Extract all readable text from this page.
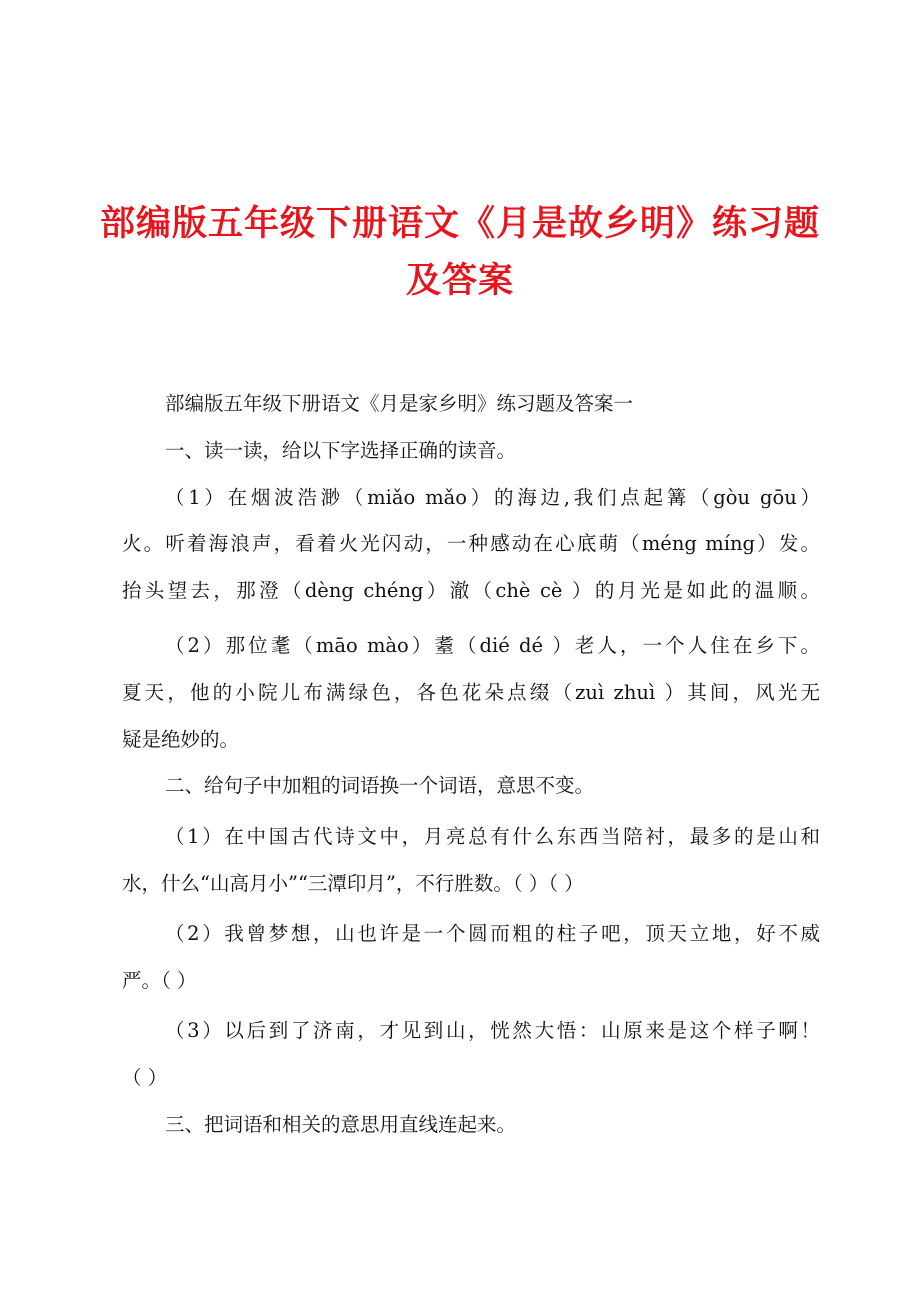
部编版五年级下册语文《月是故乡明》练习题
及答案
部编版五年级下册语文《月是家乡明》练习题及答案一
一、读一读，给以下字选择正确的读音。
（1）在烟波浩渺（miǎo mǎo）的海边,我们点起篝（gòu gōu）
火。听着海浪声，看着火光闪动，一种感动在心底萌（méng míng）发。
抬头望去，那澄（dèng chéng）澈（chè cè ）的月光是如此的温顺。
（2）那位耄（māo mào）耋（dié dé ）老人，一个人住在乡下。
夏天，他的小院儿布满绿色，各色花朵点缀（zuì zhuì ）其间，风光无
疑是绝妙的。
二、给句子中加粗的词语换一个词语，意思不变。
（1）在中国古代诗文中，月亮总有什么东西当陪衬，最多的是山和
水，什么“山高月小”“三潭印月”，不行胜数。（ ）（ ）
（2）我曾梦想，山也许是一个圆而粗的柱子吧，顶天立地，好不威
严。（ ）
（3）以后到了济南，才见到山，恍然大悟：山原来是这个样子啊！
（ ）
三、把词语和相关的意思用直线连起来。
